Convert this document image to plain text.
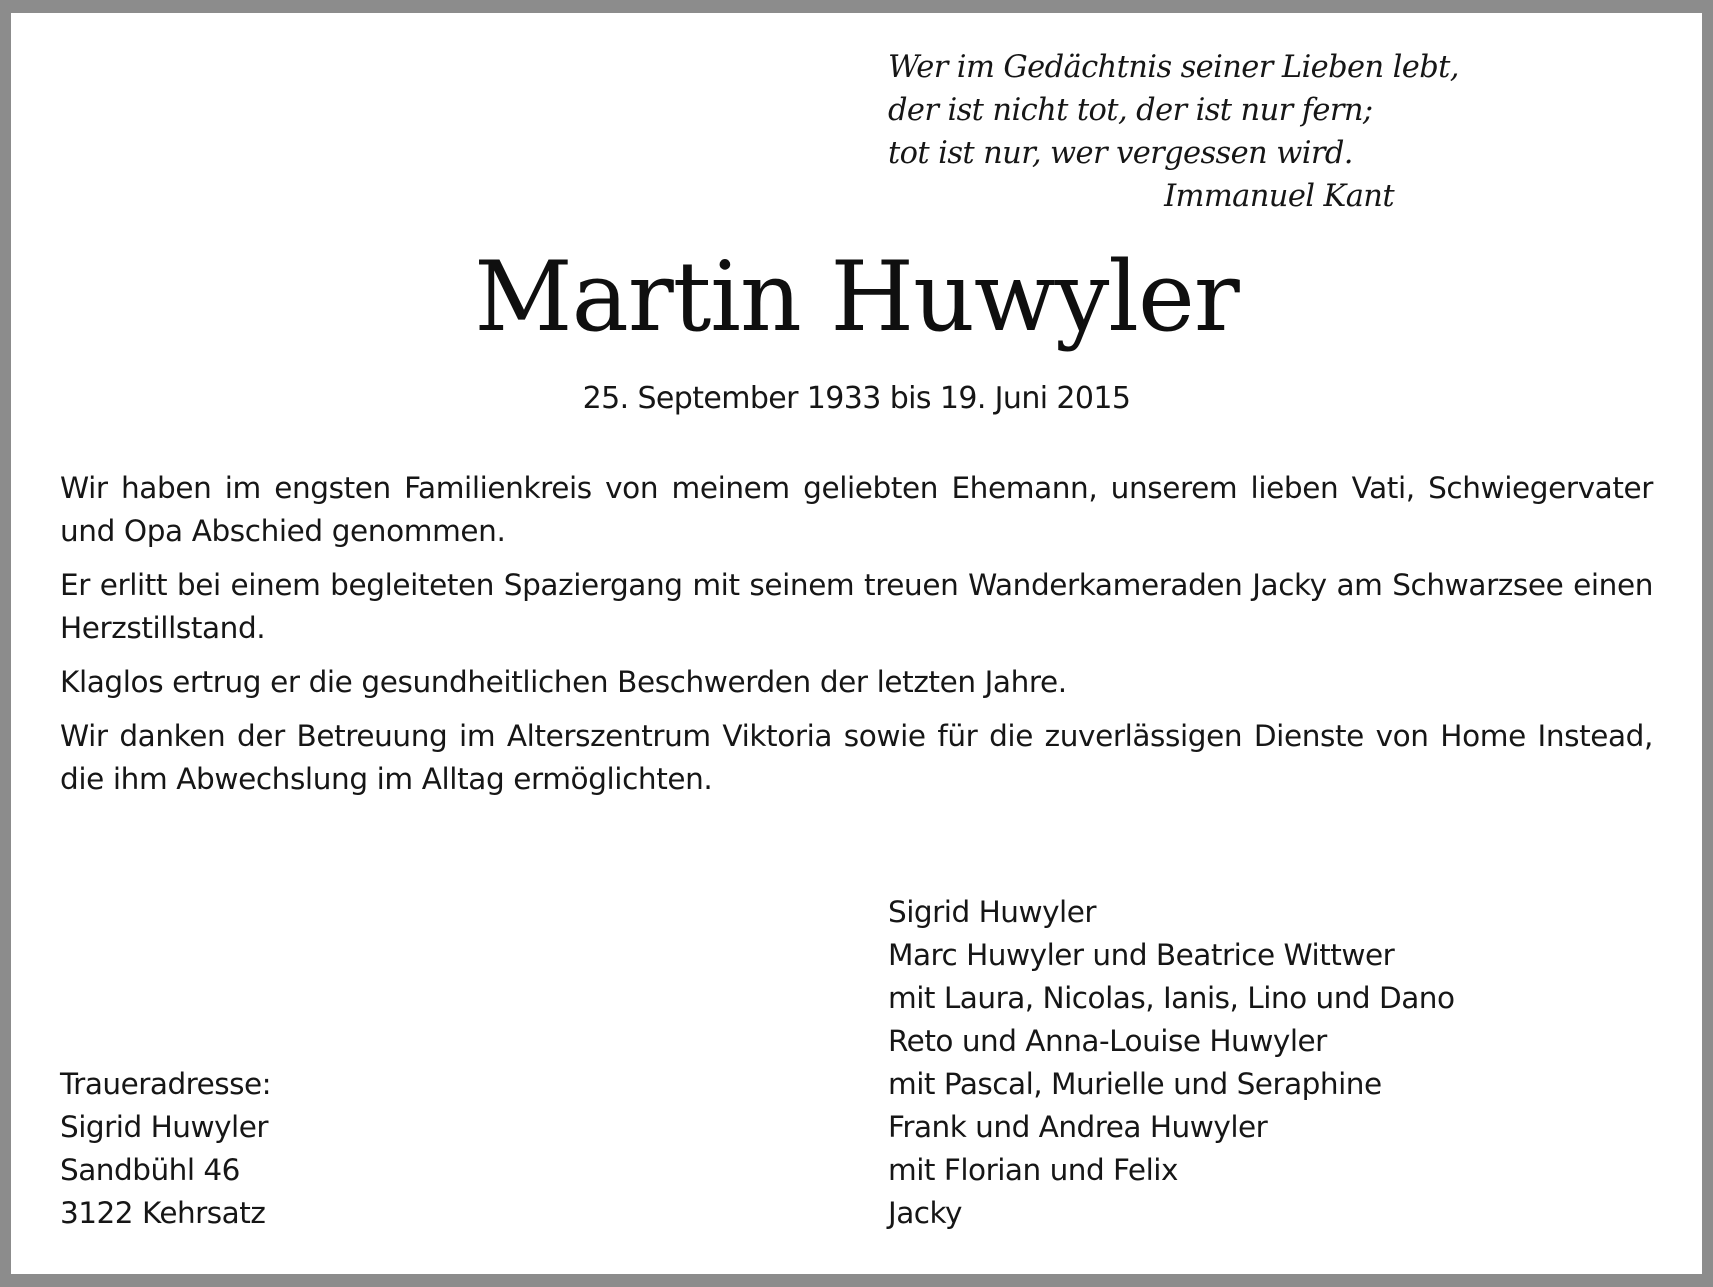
Wer im Gedächtnis seiner Lieben lebt,
der ist nicht tot, der ist nur fern;
tot ist nur, wer vergessen wird.
Immanuel Kant
Martin Huwyler
25. September 1933 bis 19. Juni 2015

Wir haben im engsten Familienkreis von meinem geliebten Ehemann, unserem lieben Vati, Schwiegervater und Opa Abschied genommen.

Er erlitt bei einem begleiteten Spaziergang mit seinem treuen Wanderkameraden Jacky am Schwarzsee einen Herzstillstand.

Klaglos ertrug er die gesundheitlichen Beschwerden der letzten Jahre.

Wir danken der Betreuung im Alterszentrum Viktoria sowie für die zuverlässigen Dienste von Home Instead, die ihm Abwechslung im Alltag ermöglichten.

Traueradresse:
Sigrid Huwyler
Sandbühl 46
3122 Kehrsatz
Sigrid Huwyler
Marc Huwyler und Beatrice Wittwer
mit Laura, Nicolas, Ianis, Lino und Dano
Reto und Anna-Louise Huwyler
mit Pascal, Murielle und Seraphine
Frank und Andrea Huwyler
mit Florian und Felix
Jacky
